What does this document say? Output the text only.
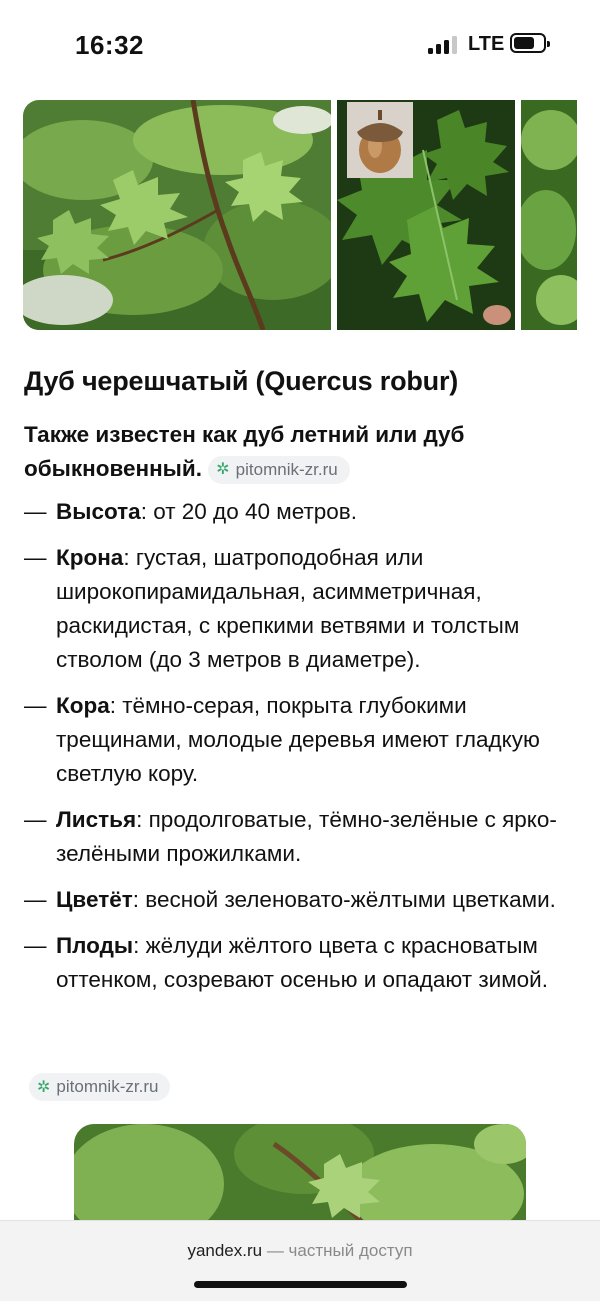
16:32	LTE
Дуб черешчатый (Quercus robur)
Также известен как дуб летний или дуб обыкновенный. ✲ pitomnik-zr.ru
— Высота: от 20 до 40 метров.
— Крона: густая, шатроподобная или широкопирамидальная, асимметричная, раскидистая, с крепкими ветвями и толстым стволом (до 3 метров в диаметре).
— Кора: тёмно-серая, покрыта глубокими трещинами, молодые деревья имеют гладкую светлую кору.
— Листья: продолговатые, тёмно-зелёные с ярко-зелёными прожилками.
— Цветёт: весной зеленовато-жёлтыми цветками.
— Плоды: жёлуди жёлтого цвета с красноватым оттенком, созревают осенью и опадают зимой.
✲ pitomnik-zr.ru
yandex.ru — частный доступ
